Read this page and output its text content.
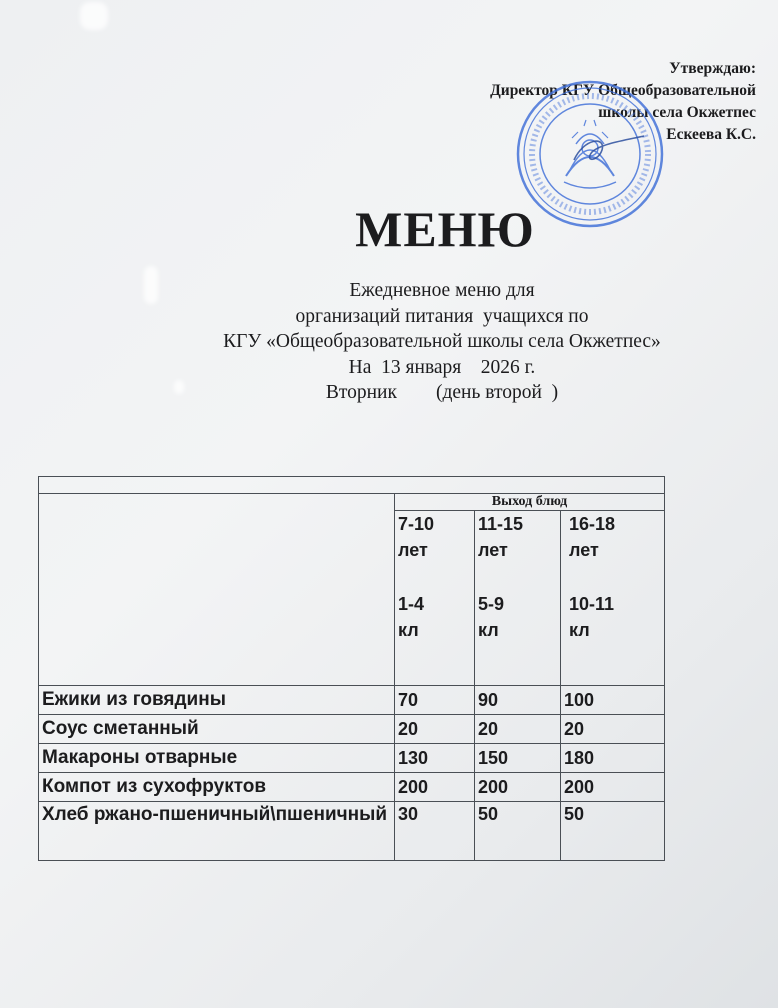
Утверждаю:
Директор КГУ Общеобразовательной
школы села Окжетпес
Ескеева К.С.
МЕНЮ
Ежедневное меню для
организаций питания  учащихся по
КГУ «Общеобразовательной школы села Окжетпес»
На  13 января    2026 г.
Вторник        (день второй  )

	Выход блюд		

	7-10
лет
1-4
кл	11-15
лет
5-9
кл	16-18
лет
10-11
кл

Ежики из говядины	70	90	100
Соус сметанный	20	20	20
Макароны отварные	130	150	180
Компот из сухофруктов	200	200	200
Хлеб ржано-пшеничный\пшеничный	30	50	50
